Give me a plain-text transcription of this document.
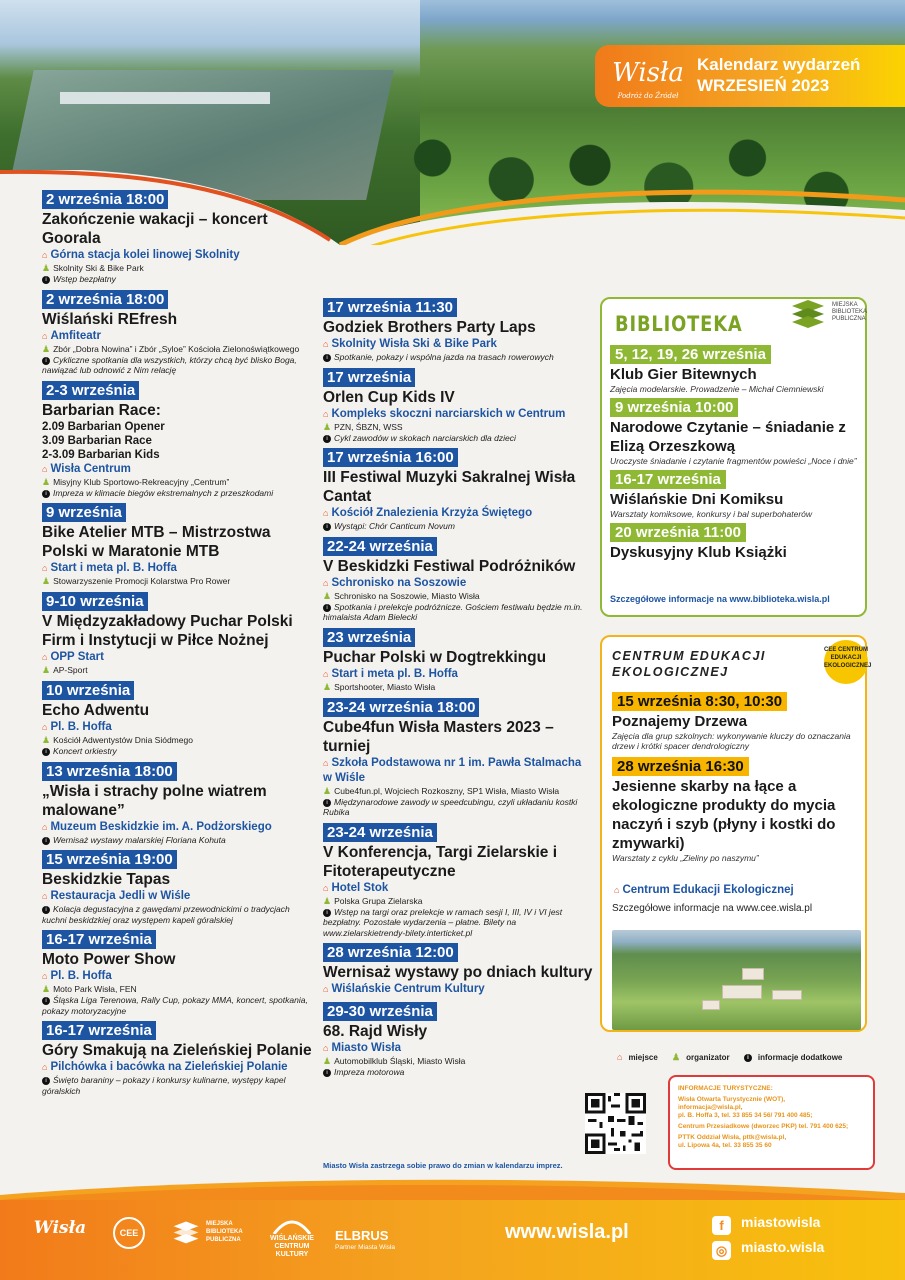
Wisła
Podróż do Źródeł
Kalendarz wydarzeń
WRZESIEŃ 2023
2 września 18:00
Zakończenie wakacji – koncert Goorala
⌂ Górna stacja kolei linowej Skolnity
♟ Skolnity Ski & Bike Park
i Wstęp bezpłatny
2 września 18:00
Wiślański REfresh
⌂ Amfiteatr
♟ Zbór „Dobra Nowina” i Zbór „Syloe” Kościoła Zielonoświątkowego
i Cykliczne spotkania dla wszystkich, którzy chcą być blisko Boga, nawiązać lub odnowić z Nim relację
2-3 września
Barbarian Race:
2.09 Barbarian Opener
3.09 Barbarian Race
2-3.09 Barbarian Kids
⌂ Wisła Centrum
♟ Misyjny Klub Sportowo-Rekreacyjny „Centrum”
i Impreza w klimacie biegów ekstremalnych z przeszkodami
9 września
Bike Atelier MTB – Mistrzostwa Polski w Maratonie MTB
⌂ Start i meta pl. B. Hoffa
♟ Stowarzyszenie Promocji Kolarstwa Pro Rower
9-10 września
V Międzyzakładowy Puchar Polski Firm i Instytucji w Piłce Nożnej
⌂ OPP Start
♟ AP-Sport
10 września
Echo Adwentu
⌂ Pl. B. Hoffa
♟ Kościół Adwentystów Dnia Siódmego
i Koncert orkiestry
13 września 18:00
„Wisła i strachy polne wiatrem malowane”
⌂ Muzeum Beskidzkie im. A. Podżorskiego
i Wernisaż wystawy malarskiej Floriana Kohuta
15 września 19:00
Beskidzkie Tapas
⌂ Restauracja Jedli w Wiśle
i Kolacja degustacyjna z gawędami przewodnickimi o tradycjach kuchni beskidzkiej oraz występem kapeli góralskiej
16-17 września
Moto Power Show
⌂ Pl. B. Hoffa
♟ Moto Park Wisła, FEN
i Śląska Liga Terenowa, Rally Cup, pokazy MMA, koncert, spotkania, pokazy motoryzacyjne
16-17 września
Góry Smakują na Zieleńskiej Polanie
⌂ Pilchówka i bacówka na Zieleńskiej Polanie
i Święto baraniny – pokazy i konkursy kulinarne, występy kapel góralskich
17 września 11:30
Godziek Brothers Party Laps
⌂ Skolnity Wisła Ski & Bike Park
i Spotkanie, pokazy i wspólna jazda na trasach rowerowych
17 września
Orlen Cup Kids IV
⌂ Kompleks skoczni narciarskich w Centrum
♟ PZN, ŚBZN, WSS
i Cykl zawodów w skokach narciarskich dla dzieci
17 września 16:00
III Festiwal Muzyki Sakralnej Wisła Cantat
⌂ Kościół Znalezienia Krzyża Świętego
i Wystąpi: Chór Canticum Novum
22-24 września
V Beskidzki Festiwal Podróżników
⌂ Schronisko na Soszowie
♟ Schronisko na Soszowie, Miasto Wisła
i Spotkania i prelekcje podróżnicze. Gościem festiwalu będzie m.in. himalaista Adam Bielecki
23 września
Puchar Polski w Dogtrekkingu
⌂ Start i meta pl. B. Hoffa
♟ Sportshooter, Miasto Wisła
23-24 września 18:00
Cube4fun Wisła Masters 2023 – turniej
⌂ Szkoła Podstawowa nr 1 im. Pawła Stalmacha w Wiśle
♟ Cube4fun.pl, Wojciech Rozkoszny, SP1 Wisła, Miasto Wisła
i Międzynarodowe zawody w speedcubingu, czyli układaniu kostki Rubika
23-24 września
V Konferencja, Targi Zielarskie i Fitoterapeutyczne
⌂ Hotel Stok
♟ Polska Grupa Zielarska
i Wstęp na targi oraz prelekcje w ramach sesji I, III, IV i VI jest bezpłatny. Pozostałe wydarzenia – płatne. Bilety na www.zielarskietrendy-bilety.interticket.pl
28 września 12:00
Wernisaż wystawy po dniach kultury
⌂ Wiślańskie Centrum Kultury
29-30 września
68. Rajd Wisły
⌂ Miasto Wisła
♟ Automobilklub Śląski, Miasto Wisła
i Impreza motorowa
Miasto Wisła zastrzega sobie prawo do zmian w kalendarzu imprez.
BIBLIOTEKA
MIEJSKA BIBLIOTEKA PUBLICZNA
5, 12, 19, 26 września
Klub Gier Bitewnych
Zajęcia modelarskie. Prowadzenie – Michał Ciemniewski
9 września 10:00
Narodowe Czytanie – śniadanie z Elizą Orzeszkową
Uroczyste śniadanie i czytanie fragmentów powieści „Noce i dnie”
16-17 września
Wiślańskie Dni Komiksu
Warsztaty komiksowe, konkursy i bal superbohaterów
20 września 11:00
Dyskusyjny Klub Książki
Szczegółowe informacje na www.biblioteka.wisla.pl
CENTRUM EDUKACJI EKOLOGICZNEJ
CEE CENTRUM EDUKACJI EKOLOGICZNEJ
15 września 8:30, 10:30
Poznajemy Drzewa
Zajęcia dla grup szkolnych: wykonywanie kluczy do oznaczania drzew i krótki spacer dendrologiczny
28 września 16:30
Jesienne skarby na łące a ekologiczne produkty do mycia naczyń i szyb (płyny i kostki do zmywarki)
Warsztaty z cyklu „Zieliny po naszymu”
⌂ Centrum Edukacji Ekologicznej
Szczegółowe informacje na www.cee.wisla.pl
⌂ miejsce ♟ organizator	i informacje dodatkowe

INFORMACJE TURYSTYCZNE:

Wisła Otwarta Turystycznie (WOT),

informacja@wisla.pl,

pl. B. Hoffa 3, tel. 33 855 34 56/ 791 400 485;

Centrum Przesiadkowe (dworzec PKP) tel. 791 400 625;

PTTK Oddział Wisła, pttk@wisla.pl,

ul. Lipowa 4a, tel. 33 855 35 60

Wisła	CEE
MIEJSKA BIBLIOTEKA PUBLICZNA	WIŚLAŃSKIE CENTRUM KULTURY
ELBRUS
Partner Miasta Wisła
www.wisla.pl	f miastowisla
◎ miasto.wisla
